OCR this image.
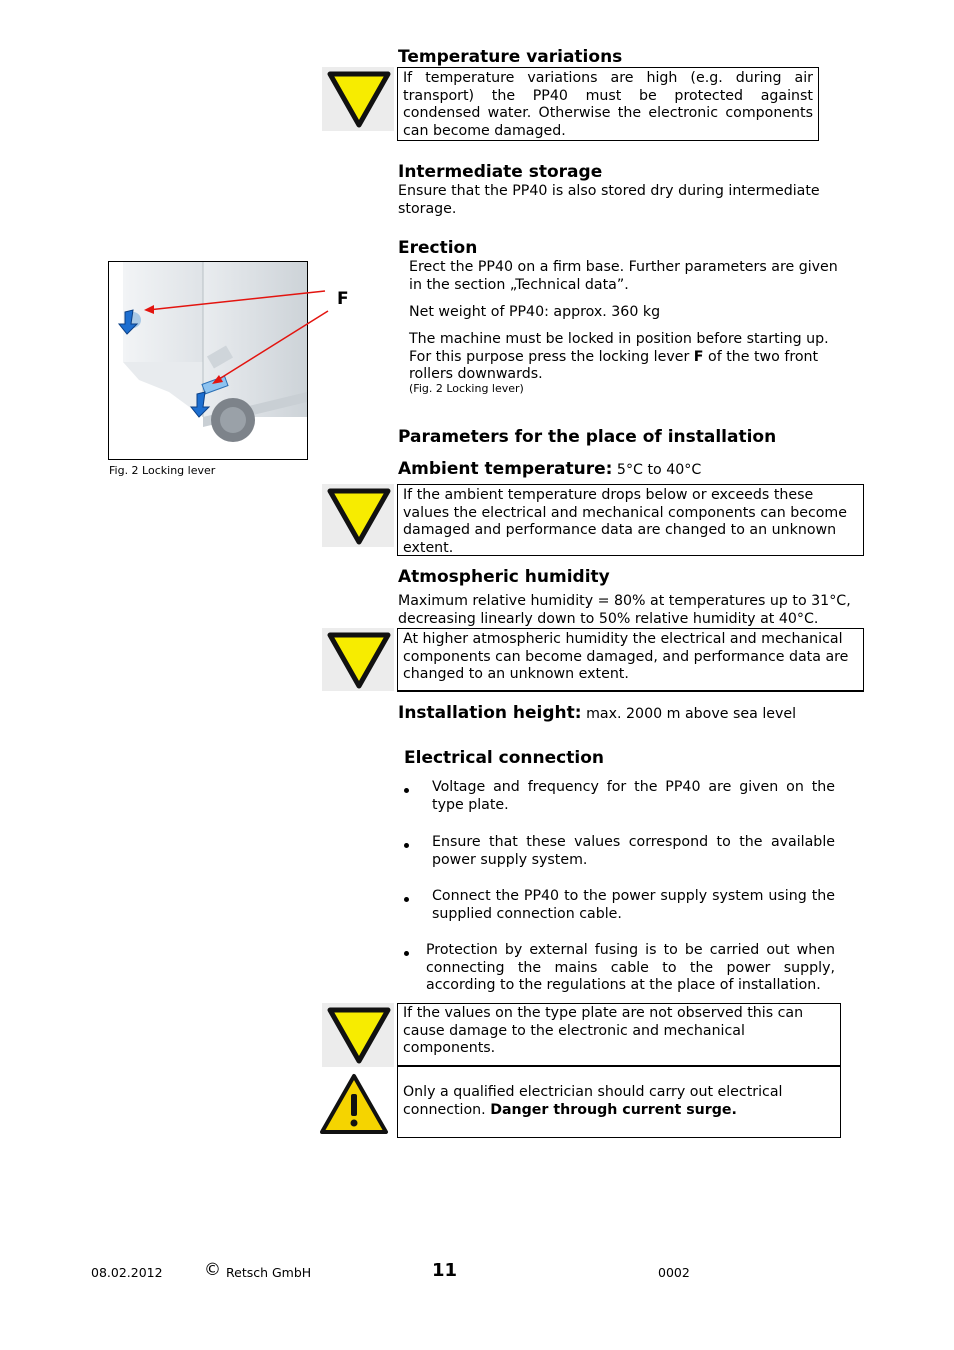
Temperature variations
If temperature variations are high (e.g. during air transport) the PP40 must be protected against condensed water. Otherwise the electronic components can become damaged.
Intermediate storage
Ensure that the PP40 is also stored dry during intermediate storage.
Erection
Erect the PP40 on a firm base. Further parameters are given in the section „Technical data”.
Net weight of PP40: approx. 360 kg
The machine must be locked in position before starting up. For this purpose press the locking lever F of the two front rollers downwards.
(Fig. 2 Locking lever)
F
Fig. 2 Locking lever
Parameters for the place of installation
Ambient temperature: 5°C to 40°C
If the ambient temperature drops below or exceeds these values the electrical and mechanical components can become damaged and performance data are changed to an unknown extent.
Atmospheric humidity
Maximum relative humidity = 80% at temperatures up to 31°C, decreasing linearly down to 50% relative humidity at 40°C.
At higher atmospheric humidity the electrical and mechanical components can become damaged, and performance data are changed to an unknown extent.
Installation height: max. 2000 m above sea level
Electrical connection
Voltage and frequency for the PP40 are given on the type plate.
Ensure that these values correspond to the available power supply system.
Connect the PP40 to the power supply system using the supplied connection cable.
Protection by external fusing is to be carried out when connecting the mains cable to the power supply, according to the regulations at the place of installation.
If the values on the type plate are not observed this can cause damage to the electronic and mechanical components.
Only a qualified electrician should carry out electrical connection. Danger through current surge.
08.02.2012 © Retsch GmbH	11	0002
